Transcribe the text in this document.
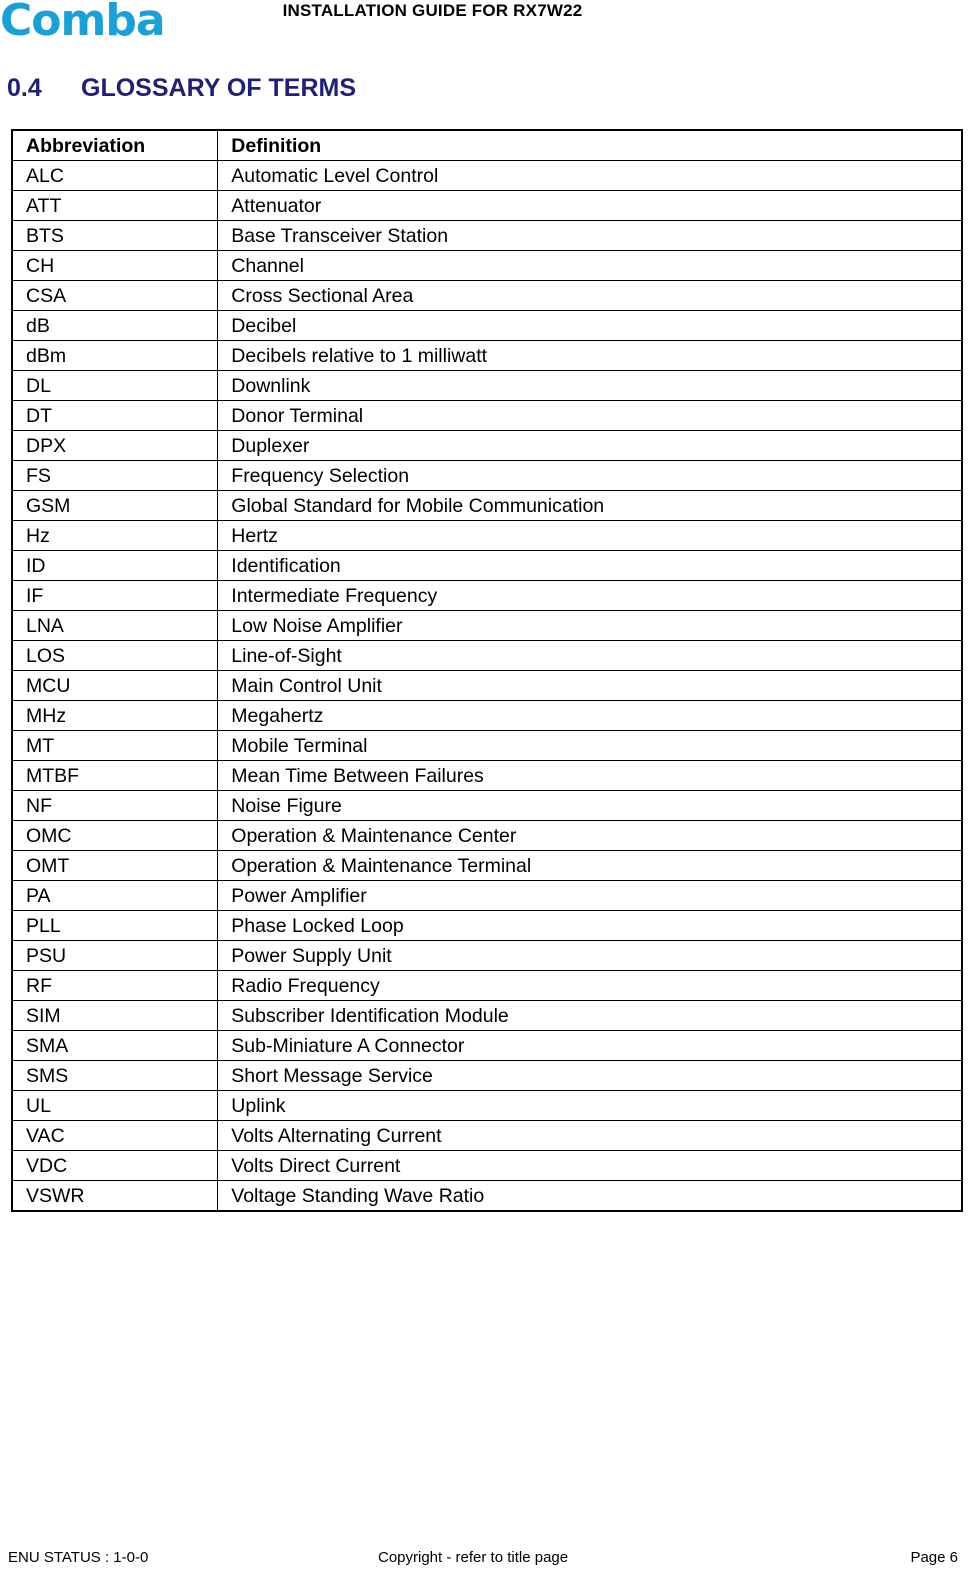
Comba	INSTALLATION GUIDE FOR RX7W22
0.4 GLOSSARY OF TERMS
Abbreviation	Definition
ALC	Automatic Level Control
ATT	Attenuator
BTS	Base Transceiver Station
CH	Channel
CSA	Cross Sectional Area
dB	Decibel
dBm	Decibels relative to 1 milliwatt
DL	Downlink
DT	Donor Terminal
DPX	Duplexer
FS	Frequency Selection
GSM	Global Standard for Mobile Communication
Hz	Hertz
ID	Identification
IF	Intermediate Frequency
LNA	Low Noise Amplifier
LOS	Line-of-Sight
MCU	Main Control Unit
MHz	Megahertz
MT	Mobile Terminal
MTBF	Mean Time Between Failures
NF	Noise Figure
OMC	Operation & Maintenance Center
OMT	Operation & Maintenance Terminal
PA	Power Amplifier
PLL	Phase Locked Loop
PSU	Power Supply Unit
RF	Radio Frequency
SIM	Subscriber Identification Module
SMA	Sub-Miniature A Connector
SMS	Short Message Service
UL	Uplink
VAC	Volts Alternating Current
VDC	Volts Direct Current
VSWR	Voltage Standing Wave Ratio
ENU STATUS : 1-0-0	Copyright - refer to title page	Page 6
